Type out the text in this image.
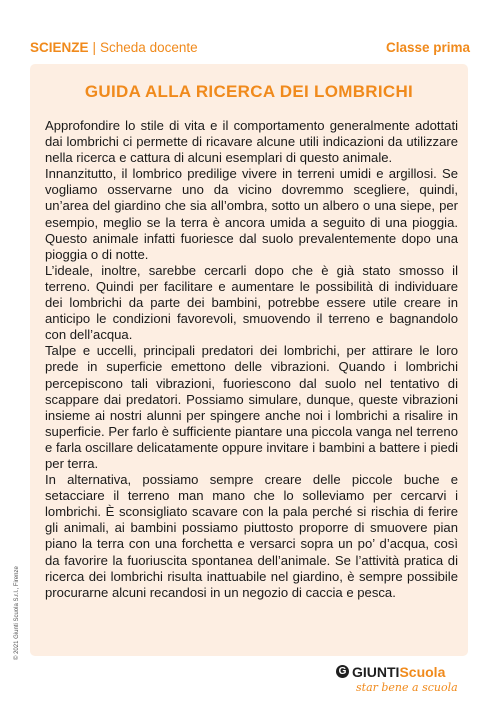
SCIENZE | Scheda docente	Classe prima
GUIDA ALLA RICERCA DEI LOMBRICHI

Approfondire lo stile di vita e il comportamento generalmente adottati dai lombrichi ci permette di ricavare alcune utili indicazioni da utilizzare nella ricerca e cattura di alcuni esemplari di questo animale.

Innanzitutto, il lombrico predilige vivere in terreni umidi e argillosi. Se vogliamo osservarne uno da vicino dovremmo scegliere, quindi, un’area del giardino che sia all’ombra, sotto un albero o una siepe, per esempio, meglio se la terra è ancora umida a seguito di una pioggia. Questo animale infatti fuoriesce dal suolo prevalentemente dopo una pioggia o di notte.

L’ideale, inoltre, sarebbe cercarli dopo che è già stato smosso il terreno. Quindi per facilitare e aumentare le possibilità di individuare dei lombrichi da parte dei bambini, potrebbe essere utile creare in anticipo le condizioni favorevoli, smuovendo il terreno e bagnandolo con dell’acqua.

Talpe e uccelli, principali predatori dei lombrichi, per attirare le loro prede in superficie emettono delle vibrazioni. Quando i lombrichi percepiscono tali vibrazioni, fuoriescono dal suolo nel tentativo di scappare dai predatori. Possiamo simulare, dunque, queste vibrazioni insieme ai nostri alunni per spingere anche noi i lombrichi a risalire in superficie. Per farlo è sufficiente piantare una piccola vanga nel terreno e farla oscillare delicatamente oppure invitare i bambini a battere i piedi per terra.

In alternativa, possiamo sempre creare delle piccole buche e setacciare il terreno man mano che lo solleviamo per cercarvi i lombrichi. È sconsigliato scavare con la pala perché si rischia di ferire gli animali, ai bambini possiamo piuttosto proporre di smuovere pian piano la terra con una forchetta e versarci sopra un po’ d’acqua, così da favorire la fuoriuscita spontanea dell’animale. Se l’attività pratica di ricerca dei lombrichi risulta inattuabile nel giardino, è sempre possibile procurarne alcuni recandosi in un negozio di caccia e pesca.

© 2021 Giunti Scuola S.r.l., Firenze
G GIUNTIScuola
star bene a scuola
